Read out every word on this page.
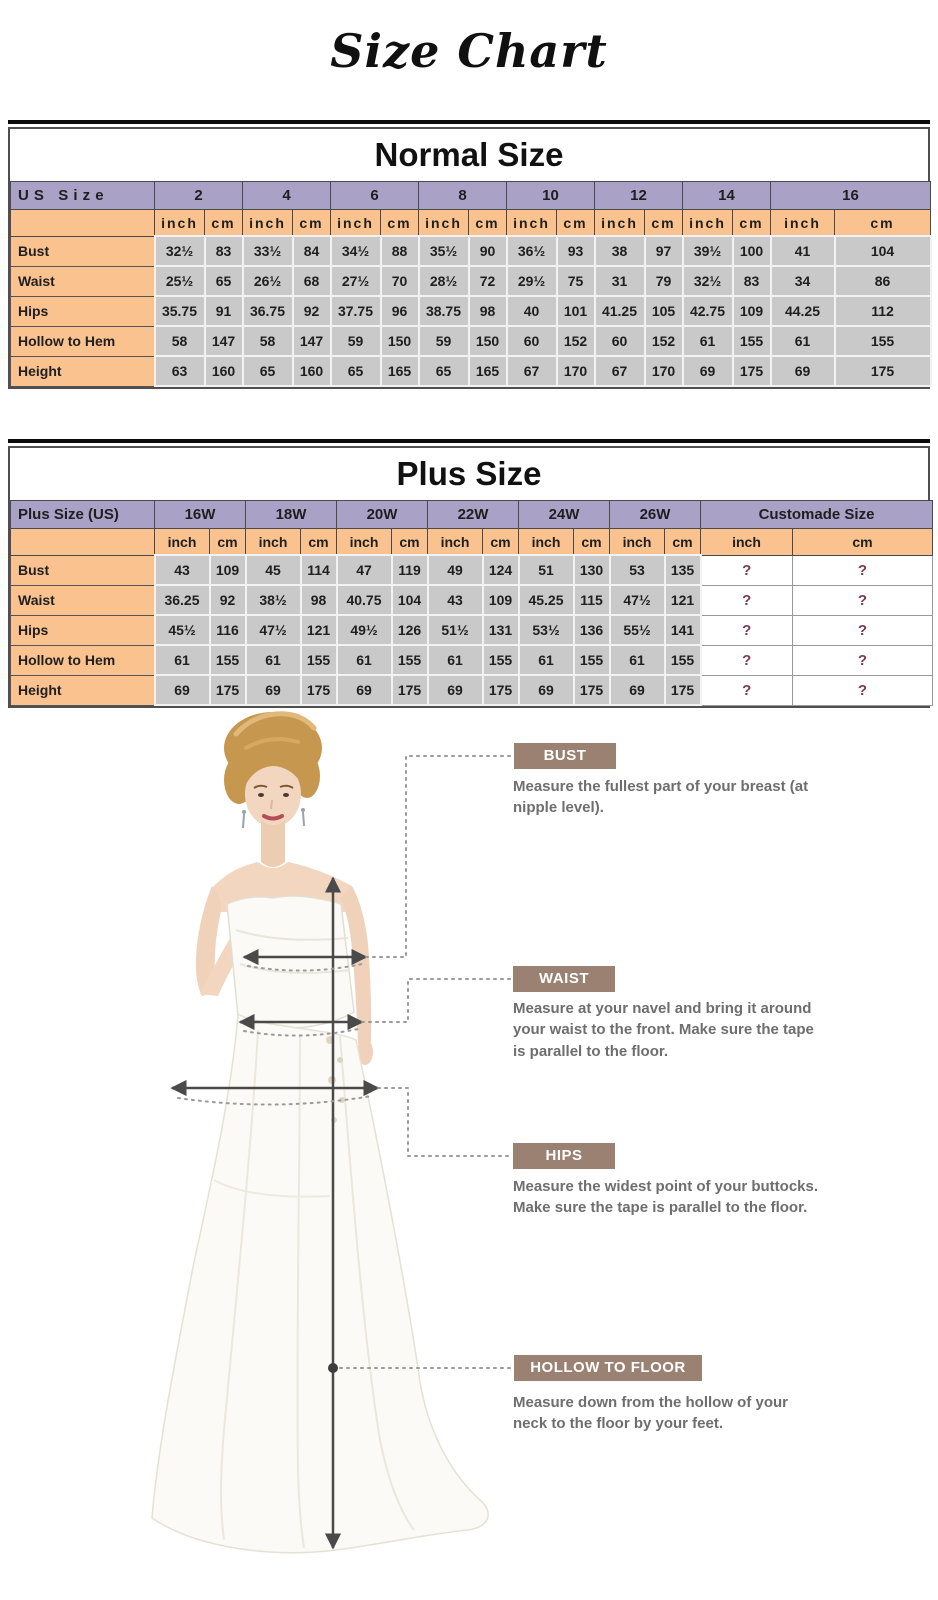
Size Chart
Normal Size
US Size	2		4		6		8		10		12		14		16	
	inch	cm	inch	cm	inch	cm	inch	cm	inch	cm	inch	cm	inch	cm	inch	cm
Bust	32½	83	33½	84	34½	88	35½	90	36½	93	38	97	39½	100	41	104
Waist	25½	65	26½	68	27½	70	28½	72	29½	75	31	79	32½	83	34	86
Hips	35.75	91	36.75	92	37.75	96	38.75	98	40	101	41.25	105	42.75	109	44.25	112
Hollow to Hem	58	147	58	147	59	150	59	150	60	152	60	152	61	155	61	155
Height	63	160	65	160	65	165	65	165	67	170	67	170	69	175	69	175
Plus Size
Plus Size (US)	16W		18W		20W		22W		24W		26W		Customade Size	
	inch	cm	inch	cm	inch	cm	inch	cm	inch	cm	inch	cm	inch	cm
Bust	43	109	45	114	47	119	49	124	51	130	53	135	?	?
Waist	36.25	92	38½	98	40.75	104	43	109	45.25	115	47½	121	?	?
Hips	45½	116	47½	121	49½	126	51½	131	53½	136	55½	141	?	?
Hollow to Hem	61	155	61	155	61	155	61	155	61	155	61	155	?	?
Height	69	175	69	175	69	175	69	175	69	175	69	175	?	?
BUST
Measure the fullest part of your breast (at nipple level).
WAIST
Measure at your navel and bring it around your waist to the front. Make sure the tape is parallel to the floor.
HIPS
Measure the widest point of your buttocks. Make sure the tape is parallel to the floor.
HOLLOW TO FLOOR
Measure down from the hollow of your neck to the floor by your feet.
